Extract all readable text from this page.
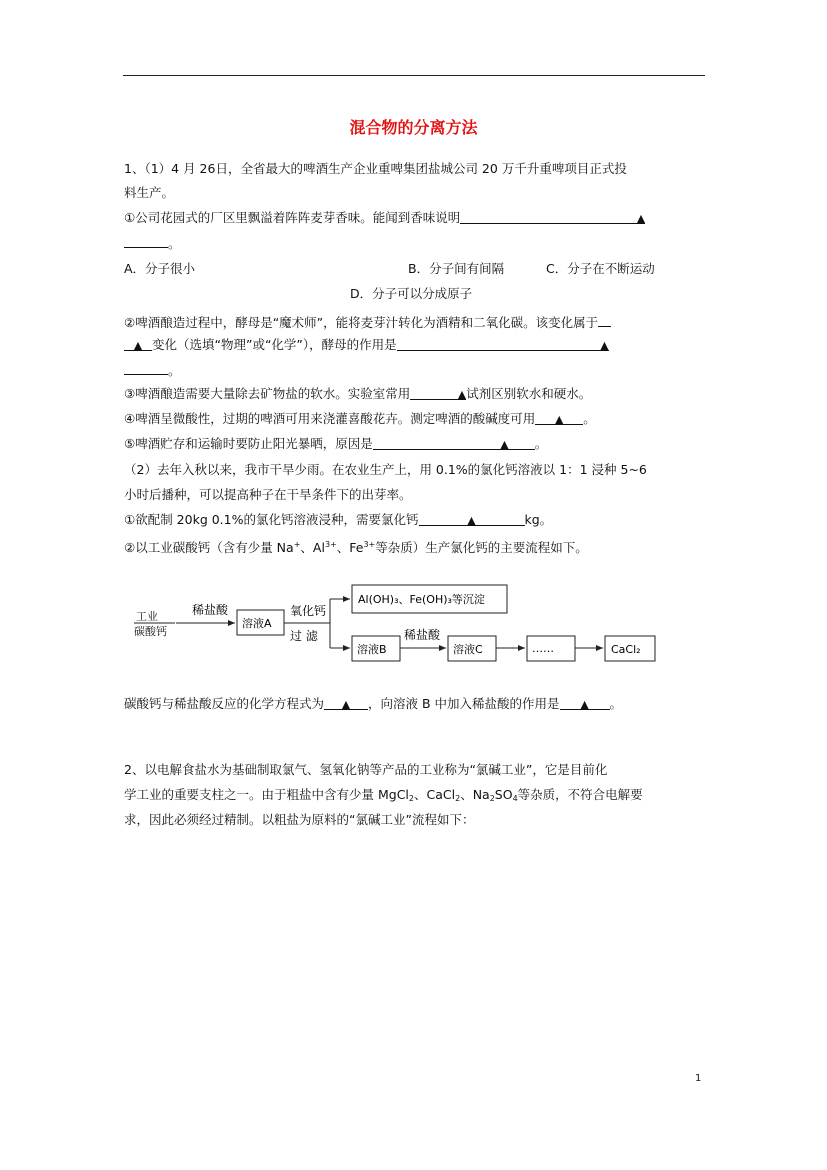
混合物的分离方法
1、（1）4 月 26日，全省最大的啤酒生产企业重啤集团盐城公司 20 万千升重啤项目正式投
料生产。
①公司花园式的厂区里飘溢着阵阵麦芽香味。能闻到香味说明	▲
。
A．分子很小	B．分子间有间隔	C．分子在不断运动
D．分子可以分成原子
②啤酒酿造过程中，酵母是“魔术师”，能将麦芽汁转化为酒精和二氧化碳。该变化属于
▲ 变化（选填“物理”或“化学”），酵母的作用是	▲
。
③啤酒酿造需要大量除去矿物盐的软水。实验室常用	▲试剂区别软水和硬水。
④啤酒呈微酸性，过期的啤酒可用来浇灌喜酸花卉。测定啤酒的酸碱度可用 ▲ 。
⑤啤酒贮存和运输时要防止阳光暴晒，原因是	▲ 。
（2）去年入秋以来，我市干旱少雨。在农业生产上，用 0.1%的氯化钙溶液以 1：1 浸种 5~6
小时后播种，可以提高种子在干旱条件下的出芽率。
①欲配制 20kg 0.1%的氯化钙溶液浸种，需要氯化钙	▲	kg。
②以工业碳酸钙（含有少量 Na+、$Al^{3+}$、$Fe^{3+}$等杂质）生产氯化钙的主要流程如下。
工业
碳酸钙
稀盐酸
溶液A
氧化钙
过 滤
Al(OH)₃、Fe(OH)₃等沉淀
溶液B
稀盐酸
溶液C	……	CaCl₂
碳酸钙与稀盐酸反应的化学方程式为 ▲ ，向溶液 B 中加入稀盐酸的作用是 ▲ 。
2、以电解食盐水为基础制取氯气、氢氧化钠等产品的工业称为“氯碱工业”，它是目前化
学工业的重要支柱之一。由于粗盐中含有少量 MgCl$_2$、CaCl$_2$、$Na_2SO_4$等杂质，不符合电解要
求，因此必须经过精制。以粗盐为原料的“氯碱工业”流程如下：
1
